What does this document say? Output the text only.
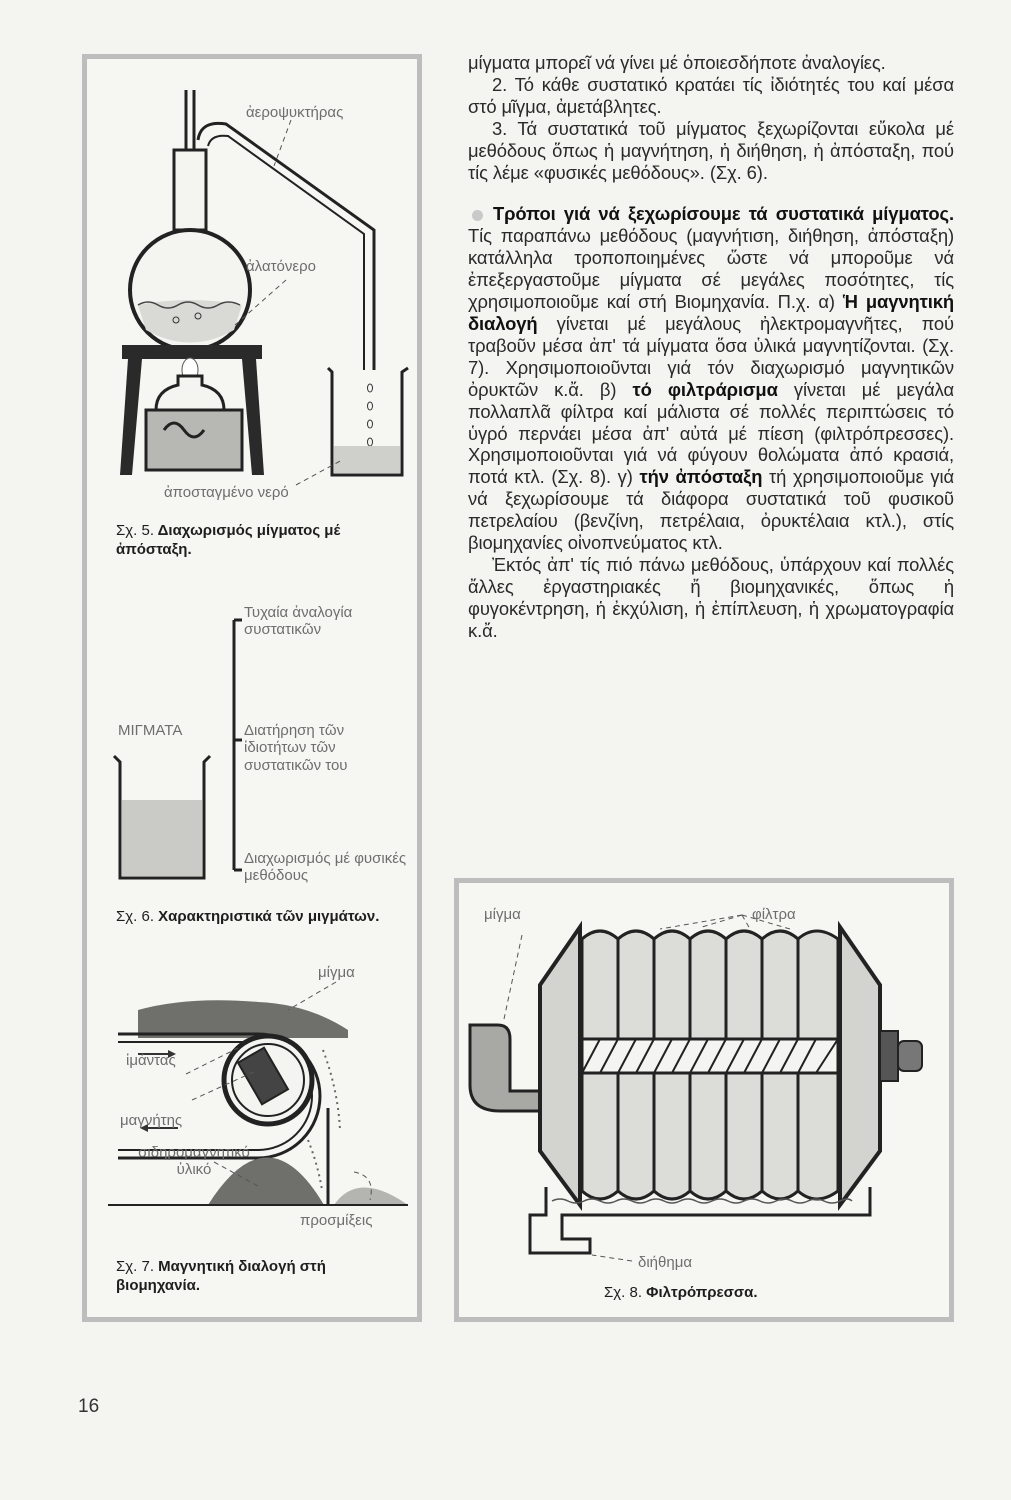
ἀεροψυκτήρας
ἀλατόνερο
ἀποσταγμένο νερό
Σχ. 5. Διαχωρισμός μίγματος μέ ἀπόσταξη.
Τυχαία ἀναλογία συστατικῶν
ΜΙΓΜΑΤΑ	Διατήρηση τῶν ἰδιοτήτων τῶν συστατικῶν του
Διαχωρισμός μέ φυσικές μεθόδους
Σχ. 6. Χαρακτηριστικά τῶν μιγμάτων.
μίγμα
ἱμάντας
μαγνήτης
σιδηρομαγνητικό ὑλικό
προσμίξεις
Σχ. 7. Μαγνητική διαλογή στή βιομηχανία.

μίγματα μπορεῖ νά γίνει μέ ὁποιεσδήποτε ἀναλογίες.

2. Τό κάθε συστατικό κρατάει τίς ἰδιότητές του καί μέσα στό μῖγμα, ἀμετάβλητες.

3. Τά συστατικά τοῦ μίγματος ξεχωρίζονται εὔκολα μέ μεθόδους ὅπως ἡ μαγνήτηση, ἡ διήθηση, ἡ ἀπόσταξη, πού τίς λέμε «φυσικές μεθόδους». (Σχ. 6).

Τρόποι γιά νά ξεχωρίσουμε τά συστατικά μίγματος. Τίς παραπάνω μεθόδους (μαγνήτιση, διήθηση, ἀπόσταξη) κατάλληλα τροποποιημένες ὥστε νά μποροῦμε νά ἐπεξεργαστοῦμε μίγματα σέ μεγάλες ποσότητες, τίς χρησιμοποιοῦμε καί στή Βιομηχανία. Π.χ. α) Ἡ μαγνητική διαλογή γίνεται μέ μεγάλους ἠλεκτρομαγνῆτες, πού τραβοῦν μέσα ἀπ' τά μίγματα ὅσα ὑλικά μαγνητίζονται. (Σχ. 7). Χρησιμοποιοῦνται γιά τόν διαχωρισμό μαγνητικῶν ὀρυκτῶν κ.ἄ. β) τό φιλτράρισμα γίνεται μέ μεγάλα πολλαπλᾶ φίλτρα καί μάλιστα σέ πολλές περιπτώσεις τό ὑγρό περνάει μέσα ἀπ' αὐτά μέ πίεση (φιλτρόπρεσσες). Χρησιμοποιοῦνται γιά νά φύγουν θολώματα ἀπό κρασιά, ποτά κτλ. (Σχ. 8). γ) τήν ἀπόσταξη τή χρησιμοποιοῦμε γιά νά ξεχωρίσουμε τά διάφορα συστατικά τοῦ φυσικοῦ πετρελαίου (βενζίνη, πετρέλαια, ὀρυκτέλαια κτλ.), στίς βιομηχανίες οἰνοπνεύματος κτλ.

Ἐκτός ἀπ' τίς πιό πάνω μεθόδους, ὑπάρχουν καί πολλές ἄλλες ἐργαστηριακές ἤ βιομηχανικές, ὅπως ἡ φυγοκέντρηση, ἡ ἐκχύλιση, ἡ ἐπίπλευση, ἡ χρωματογραφία κ.ἄ.

μίγμα	φίλτρα
διήθημα
Σχ. 8. Φιλτρόπρεσσα.
16
